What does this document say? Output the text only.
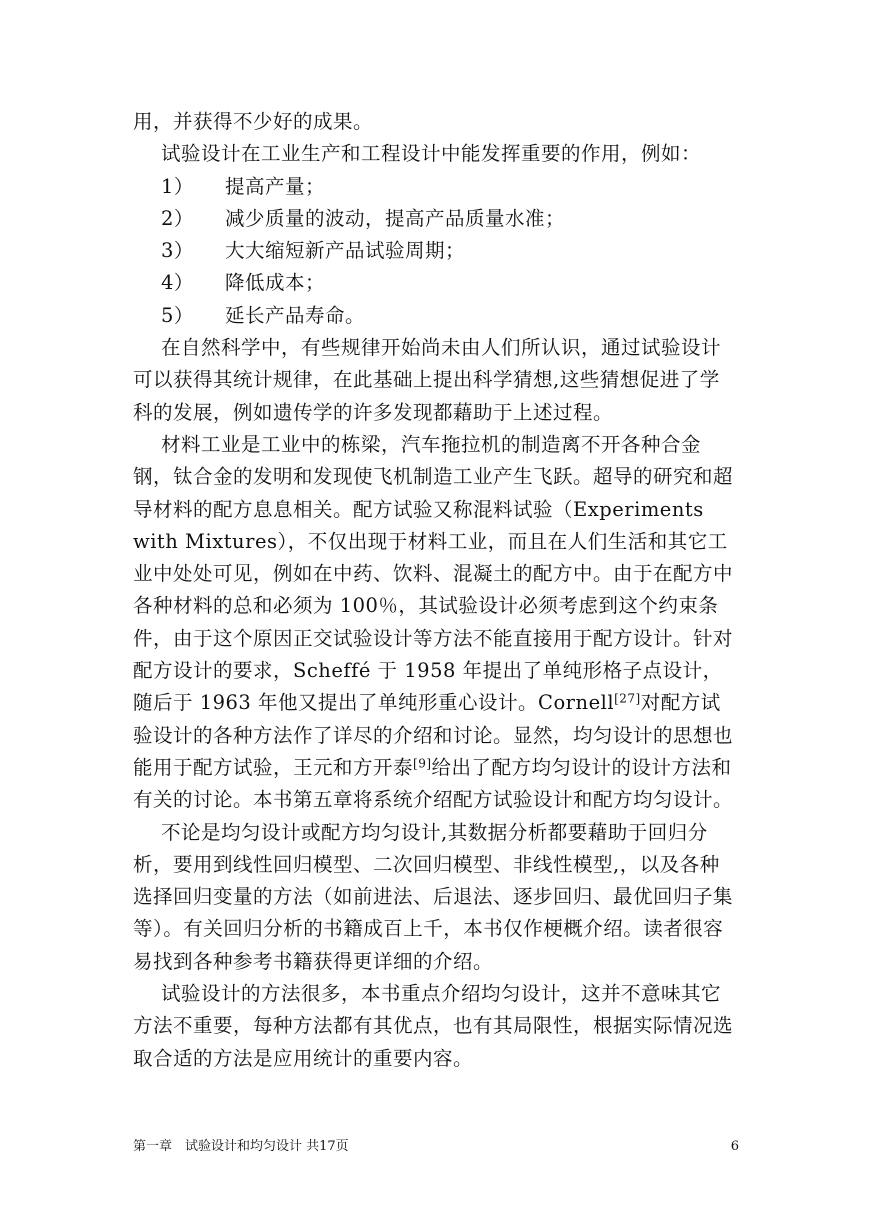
用，并获得不少好的成果。

试验设计在工业生产和工程设计中能发挥重要的作用，例如：

1） 提高产量；

2） 减少质量的波动，提高产品质量水准；

3） 大大缩短新产品试验周期；

4） 降低成本；

5） 延长产品寿命。

在自然科学中，有些规律开始尚未由人们所认识，通过试验设计可以获得其统计规律，在此基础上提出科学猜想,这些猜想促进了学科的发展，例如遗传学的许多发现都藉助于上述过程。

材料工业是工业中的栋梁，汽车拖拉机的制造离不开各种合金钢，钛合金的发明和发现使飞机制造工业产生飞跃。超导的研究和超导材料的配方息息相关。配方试验又称混料试验（Experiments with Mixtures），不仅出现于材料工业，而且在人们生活和其它工业中处处可见，例如在中药、饮料、混凝土的配方中。由于在配方中各种材料的总和必须为 100％，其试验设计必须考虑到这个约束条件，由于这个原因正交试验设计等方法不能直接用于配方设计。针对配方设计的要求，Scheffé 于 1958 年提出了单纯形格子点设计，随后于 1963 年他又提出了单纯形重心设计。Cornell[27]对配方试验设计的各种方法作了详尽的介绍和讨论。显然，均匀设计的思想也能用于配方试验，王元和方开泰[9]给出了配方均匀设计的设计方法和有关的讨论。本书第五章将系统介绍配方试验设计和配方均匀设计。

不论是均匀设计或配方均匀设计,其数据分析都要藉助于回归分析，要用到线性回归模型、二次回归模型、非线性模型,，以及各种选择回归变量的方法（如前进法、后退法、逐步回归、最优回归子集等）。有关回归分析的书籍成百上千，本书仅作梗概介绍。读者很容易找到各种参考书籍获得更详细的介绍。

试验设计的方法很多，本书重点介绍均匀设计，这并不意味其它方法不重要，每种方法都有其优点，也有其局限性，根据实际情况选取合适的方法是应用统计的重要内容。

第一章　试验设计和均匀设计 共17页	6
